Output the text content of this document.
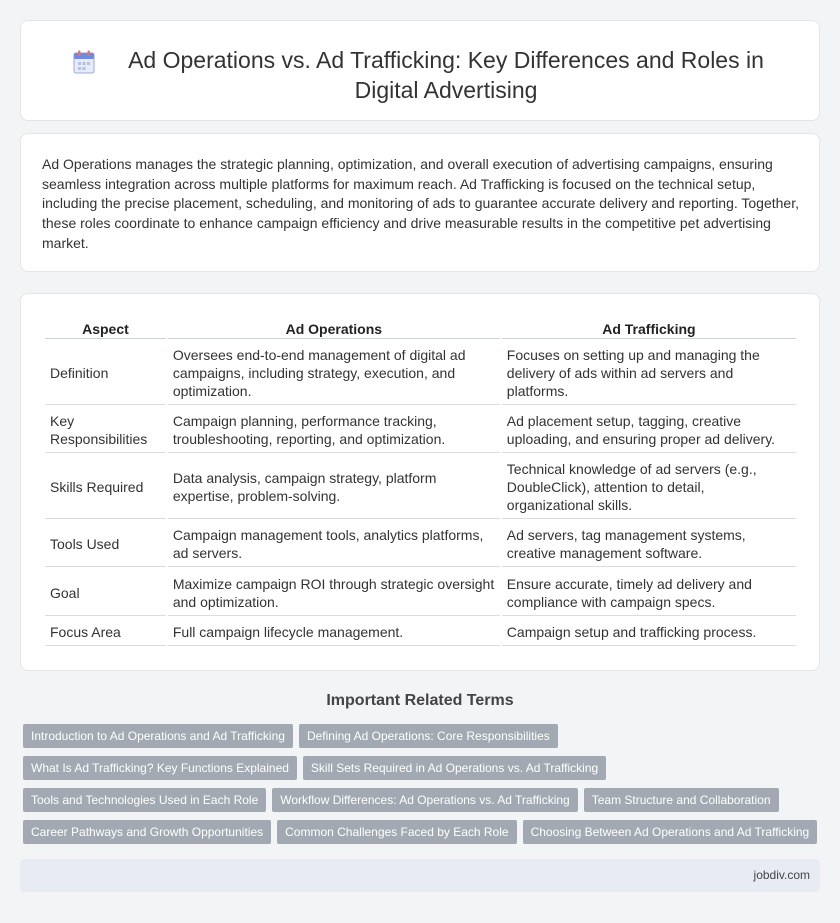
Ad Operations vs. Ad Trafficking: Key Differences and Roles in Digital Advertising

Ad Operations manages the strategic planning, optimization, and overall execution of advertising campaigns, ensuring seamless integration across multiple platforms for maximum reach. Ad Trafficking is focused on the technical setup, including the precise placement, scheduling, and monitoring of ads to guarantee accurate delivery and reporting. Together, these roles coordinate to enhance campaign efficiency and drive measurable results in the competitive pet advertising market.

Aspect	Ad Operations	Ad Trafficking
Definition	Oversees end-to-end management of digital ad campaigns, including strategy, execution, and optimization.	Focuses on setting up and managing the delivery of ads within ad servers and platforms.
Key Responsibilities	Campaign planning, performance tracking, troubleshooting, reporting, and optimization.	Ad placement setup, tagging, creative uploading, and ensuring proper ad delivery.
Skills Required	Data analysis, campaign strategy, platform expertise, problem-solving.	Technical knowledge of ad servers (e.g., DoubleClick), attention to detail, organizational skills.
Tools Used	Campaign management tools, analytics platforms, ad servers.	Ad servers, tag management systems, creative management software.
Goal	Maximize campaign ROI through strategic oversight and optimization.	Ensure accurate, timely ad delivery and compliance with campaign specs.
Focus Area	Full campaign lifecycle management.	Campaign setup and trafficking process.
Important Related Terms
Introduction to Ad Operations and Ad Trafficking	Defining Ad Operations: Core Responsibilities
What Is Ad Trafficking? Key Functions Explained	Skill Sets Required in Ad Operations vs. Ad Trafficking
Tools and Technologies Used in Each Role	Workflow Differences: Ad Operations vs. Ad Trafficking	Team Structure and Collaboration
Career Pathways and Growth Opportunities	Common Challenges Faced by Each Role	Choosing Between Ad Operations and Ad Trafficking
jobdiv.com
